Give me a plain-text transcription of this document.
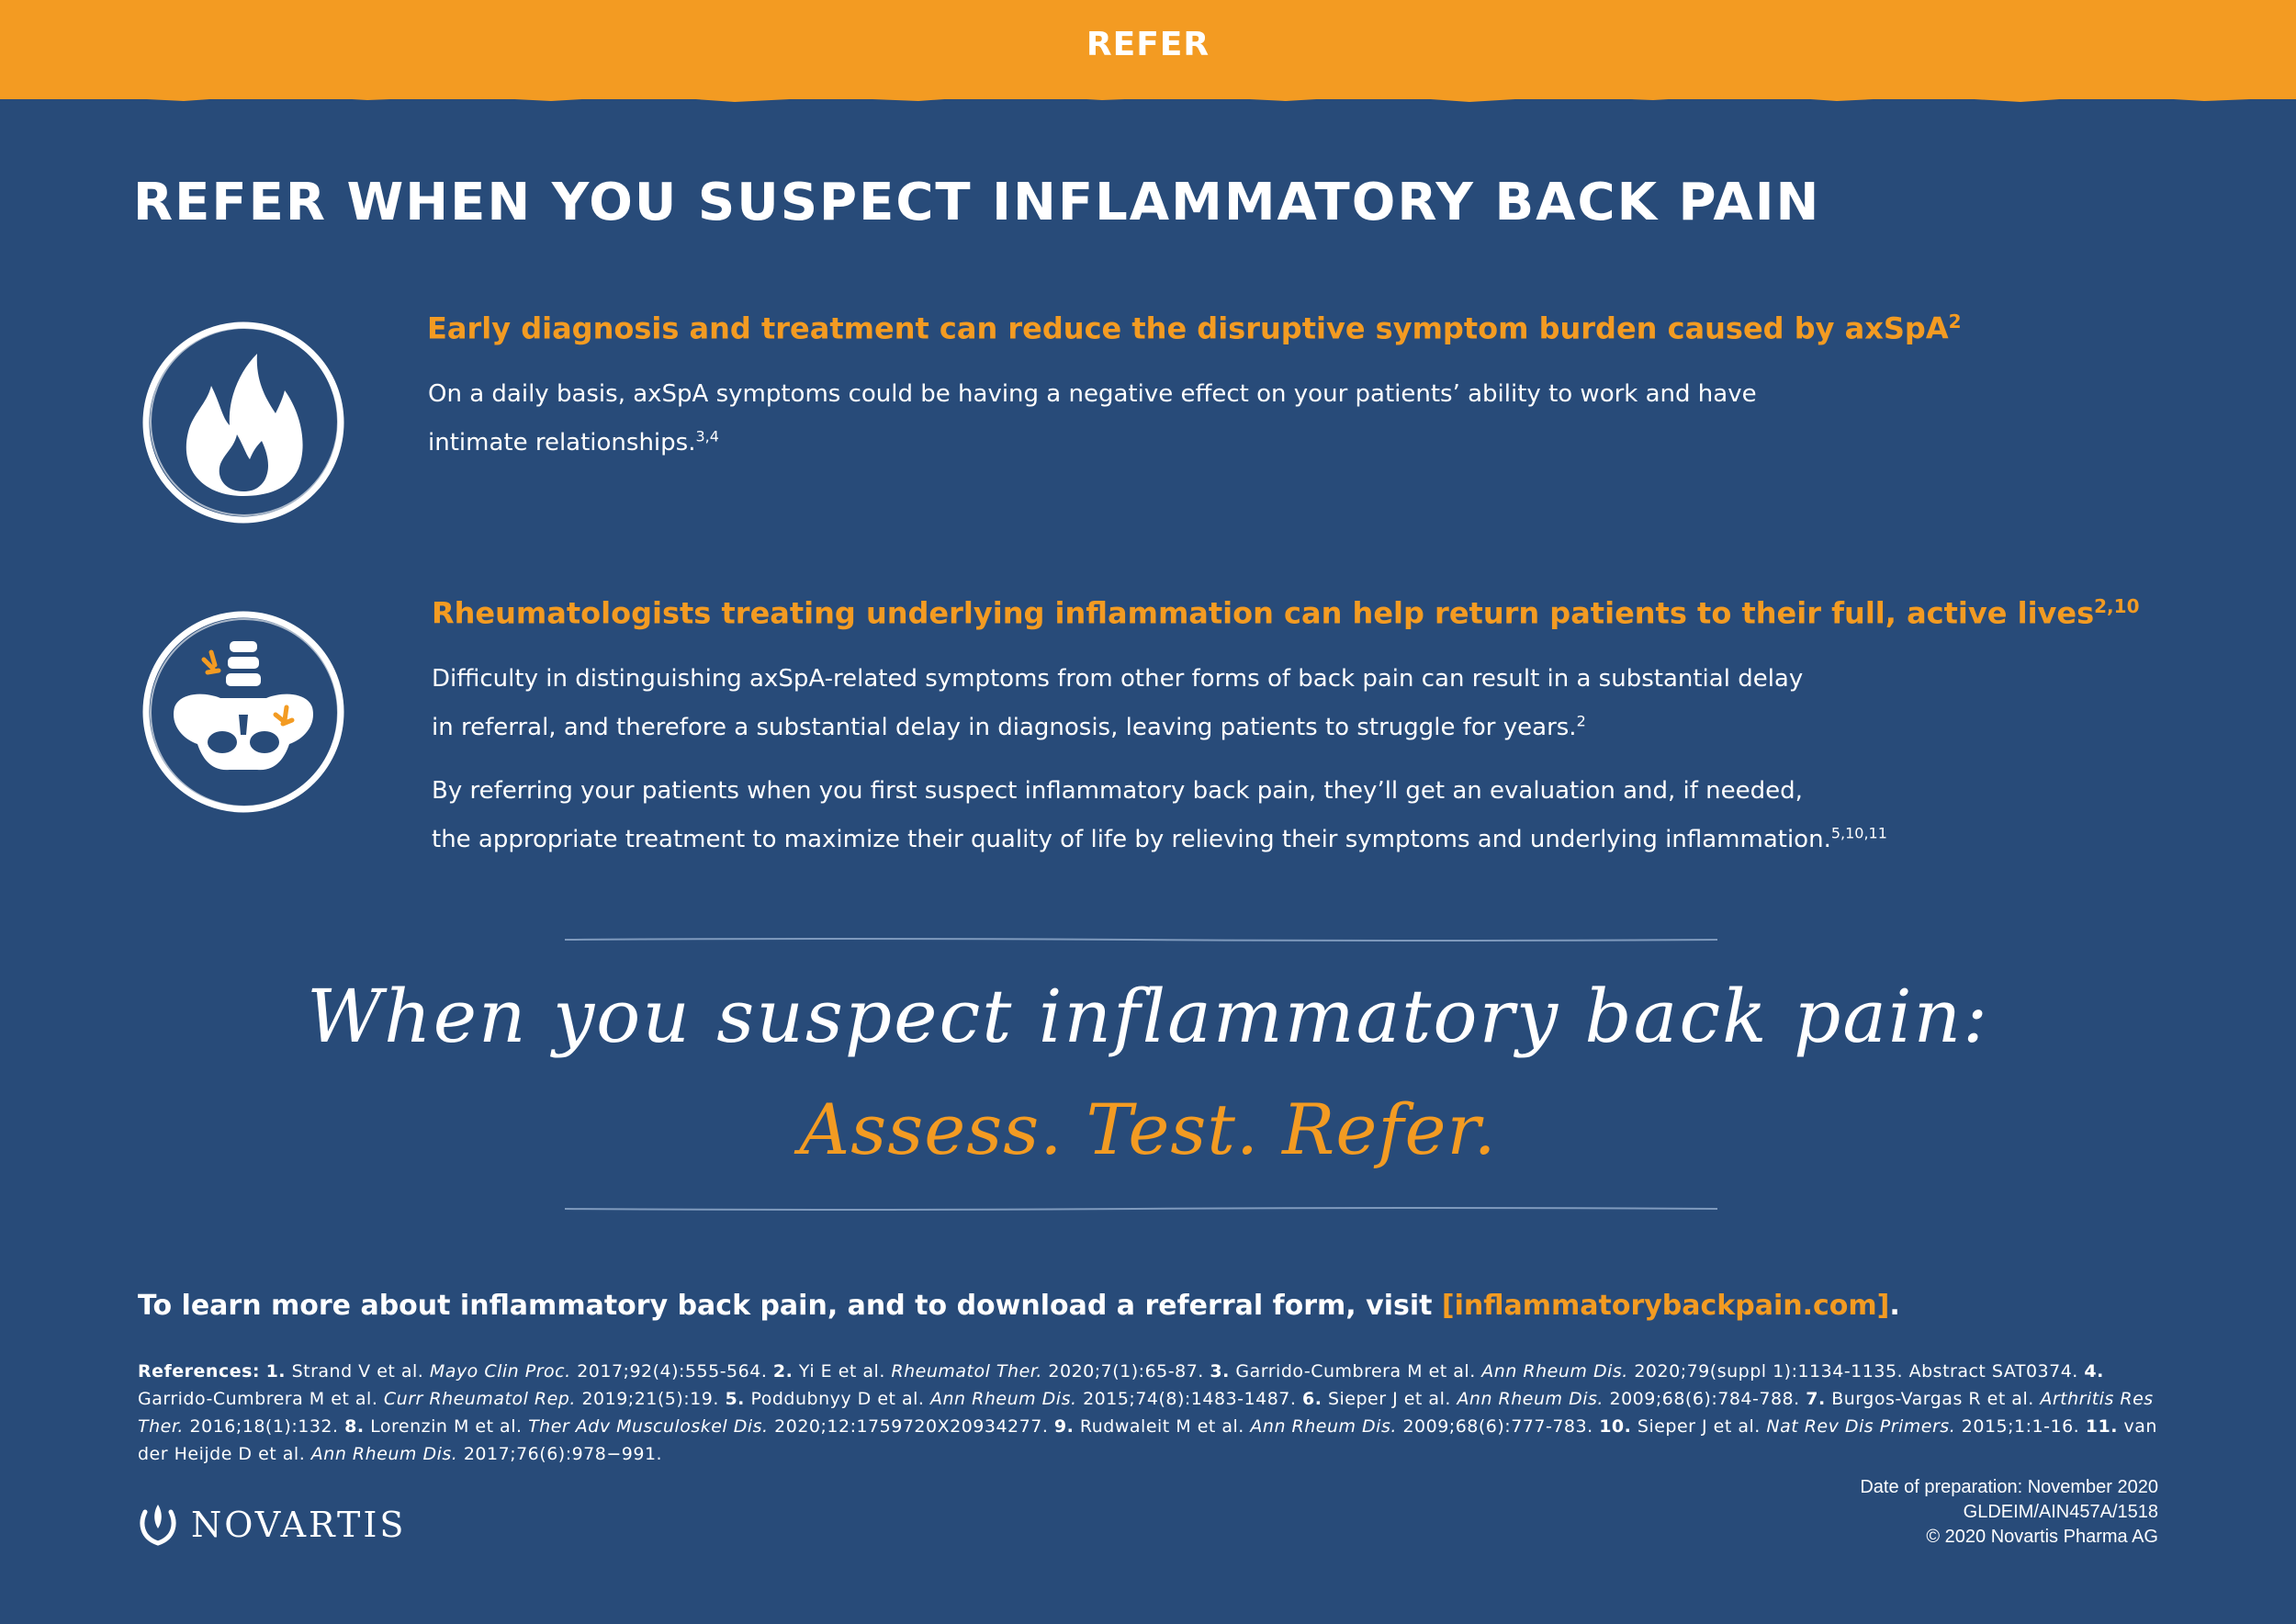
REFER
REFER WHEN YOU SUSPECT INFLAMMATORY BACK PAIN
Early diagnosis and treatment can reduce the disruptive symptom burden caused by axSpA$^2$
On a daily basis, axSpA symptoms could be having a negative effect on your patients’ ability to work and have
intimate relationships.$^{3,4}$
Rheumatologists treating underlying inflammation can help return patients to their full, active lives$^{2,10}$
Difficulty in distinguishing axSpA-related symptoms from other forms of back pain can result in a substantial delay
in referral, and therefore a substantial delay in diagnosis, leaving patients to struggle for years.$^2$
By referring your patients when you first suspect inflammatory back pain, they’ll get an evaluation and, if needed,
the appropriate treatment to maximize their quality of life by relieving their symptoms and underlying inflammation.$^{5,10,11}$
When you suspect inflammatory back pain:
Assess. Test. Refer.
To learn more about inflammatory back pain, and to download a referral form, visit [inflammatorybackpain.com].
References: 1. Strand V et al. Mayo Clin Proc. 2017;92(4):555-564. 2. Yi E et al. Rheumatol Ther. 2020;7(1):65-87. 3. Garrido-Cumbrera M et al. Ann Rheum Dis. 2020;79(suppl 1):1134-1135. Abstract SAT0374. 4. Garrido-Cumbrera M et al. Curr Rheumatol Rep. 2019;21(5):19. 5. Poddubnyy D et al. Ann Rheum Dis. 2015;74(8):1483-1487. 6. Sieper J et al. Ann Rheum Dis. 2009;68(6):784-788. 7. Burgos-Vargas R et al. Arthritis Res Ther. 2016;18(1):132. 8. Lorenzin M et al. Ther Adv Musculoskel Dis. 2020;12:1759720X20934277. 9. Rudwaleit M et al. Ann Rheum Dis. 2009;68(6):777-783. 10. Sieper J et al. Nat Rev Dis Primers. 2015;1:1-16. 11. van der Heijde D et al. Ann Rheum Dis. 2017;76(6):978−991.
NOVARTIS
Date of preparation: November 2020
GLDEIM/AIN457A/1518
© 2020 Novartis Pharma AG
